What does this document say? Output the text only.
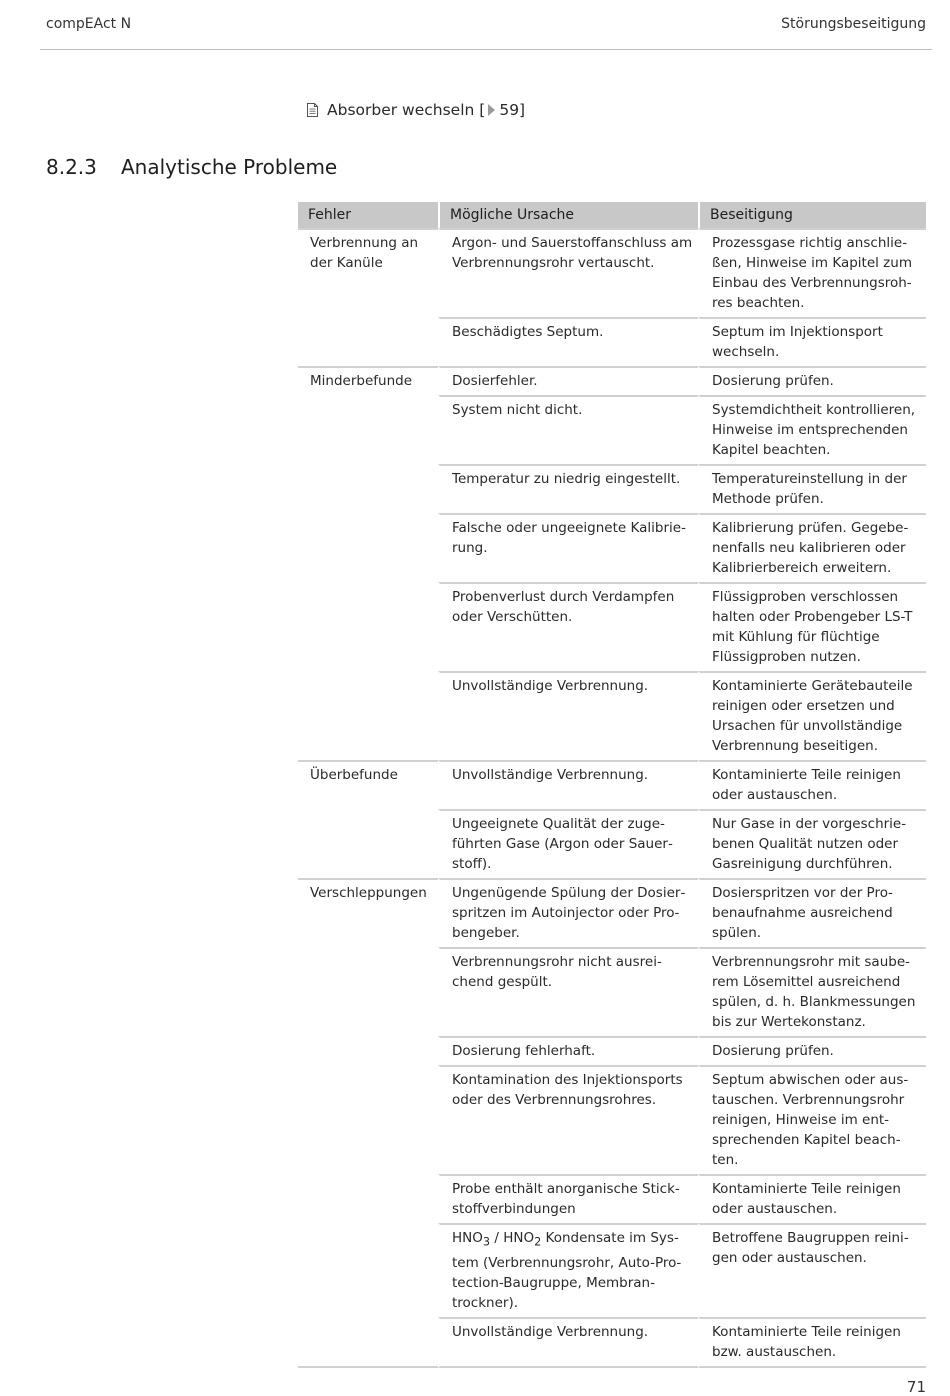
compEAct N	Störungsbeseitigung
Absorber wechseln [ 59]
8.2.3 Analytische Probleme
Fehler	Mögliche Ursache	Beseitigung
Verbrennung an der Kanüle	Argon- und Sauerstoffanschluss am Verbrennungsrohr vertauscht.	Prozessgase richtig anschließen, Hinweise im Kapitel zum Einbau des Verbrennungsrohres beachten.
	Beschädigtes Septum.	Septum im Injektionsport wechseln.
Minderbefunde	Dosierfehler.	Dosierung prüfen.
	System nicht dicht.	Systemdichtheit kontrollieren, Hinweise im entsprechenden Kapitel beachten.
	Temperatur zu niedrig eingestellt.	Temperatureinstellung in der Methode prüfen.
	Falsche oder ungeeignete Kalibrierung.	Kalibrierung prüfen. Gegebenenfalls neu kalibrieren oder Kalibrierbereich erweitern.
	Probenverlust durch Verdampfen oder Verschütten.	Flüssigproben verschlossen halten oder Probengeber LS-T mit Kühlung für flüchtige Flüssigproben nutzen.
	Unvollständige Verbrennung.	Kontaminierte Gerätebauteile reinigen oder ersetzen und Ursachen für unvollständige Verbrennung beseitigen.
Überbefunde	Unvollständige Verbrennung.	Kontaminierte Teile reinigen oder austauschen.
	Ungeeignete Qualität der zugeführten Gase (Argon oder Sauerstoff).	Nur Gase in der vorgeschriebenen Qualität nutzen oder Gasreinigung durchführen.
Verschleppungen	Ungenügende Spülung der Dosierspritzen im Autoinjector oder Probengeber.	Dosierspritzen vor der Probenaufnahme ausreichend spülen.
	Verbrennungsrohr nicht ausreichend gespült.	Verbrennungsrohr mit sauberem Lösemittel ausreichend spülen, d. h. Blankmessungen bis zur Wertekonstanz.
	Dosierung fehlerhaft.	Dosierung prüfen.
	Kontamination des Injektionsports oder des Verbrennungsrohres.	Septum abwischen oder austauschen. Verbrennungsrohr reinigen, Hinweise im entsprechenden Kapitel beachten.
	Probe enthält anorganische Stickstoffverbindungen	Kontaminierte Teile reinigen oder austauschen.
	$HNO_3 / HNO_2$ Kondensate im System (Verbrennungsrohr, Auto-Protection-Baugruppe, Membrantrockner).	Betroffene Baugruppen reinigen oder austauschen.
	Unvollständige Verbrennung.	Kontaminierte Teile reinigen bzw. austauschen.
71
